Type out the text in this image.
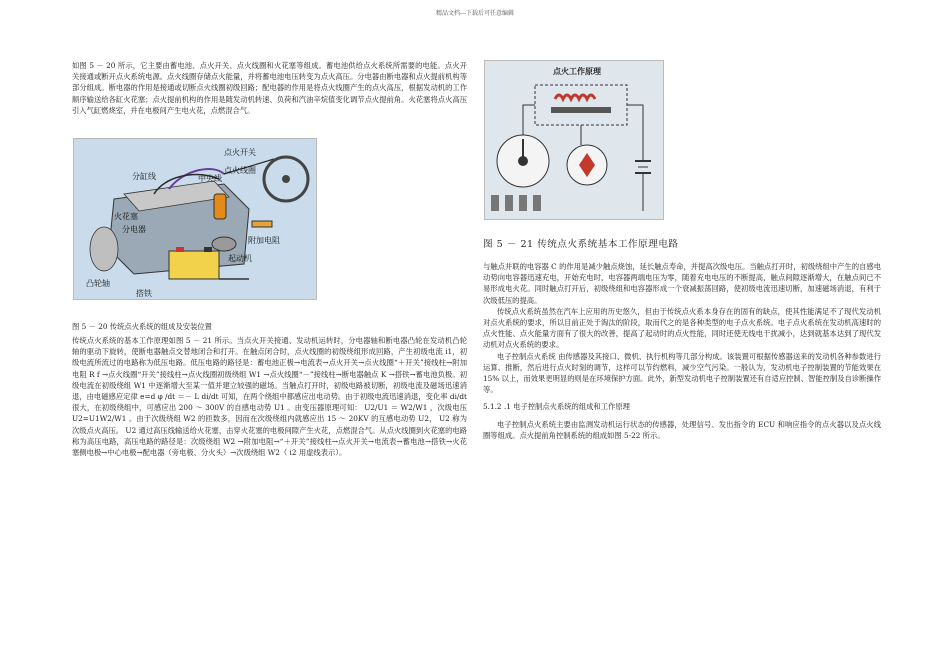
精品文档---下载后可任意编辑

如图 5 － 20 所示，它主要由蓄电池、点火开关、点火线圈和火花塞等组成。蓄电池供给点火系统所需要的电能。点火开关接通或断开点火系统电源。点火线圈存储点火能量，并将蓄电池电压转变为点火高压。分电器由断电器和点火提前机构等部分组成。断电器的作用是接通或切断点火线圈初级回路；配电器的作用是将点火线圈产生的点火高压，根据发动机的工作顺序输送给各缸火花塞；点火提前机构的作用是随发动机转速、负荷和汽油辛烷值变化调节点火提前角。火花塞将点火高压引入气缸燃烧室，并在电极间产生电火花，点燃混合气。

点火开关
中央线
点火线圈
分缸线
火花塞
分电器
附加电阻
起动机
凸轮轴
搭铁
图 5 － 20 传统点火系统的组成及安装位置

传统点火系统的基本工作原理如图 5 － 21 所示。当点火开关接通、发动机运转时，分电器轴和断电器凸轮在发动机凸轮轴的驱动下旋转，使断电器触点交替地闭合和打开。在触点闭合时，点火线圈的初级绕组形成回路，产生初级电流 i1，初级电流所流过的电路称为低压电路。低压电路的路径是：蓄电池正极→电流表→点火开关→点火线圈“＋开关”接线柱→附加电阻 R f →点火线圈“开关”接线柱→点火线圈初级绕组 W1 →点火线圈“－”接线柱→断电器触点 K →搭铁→蓄电池负极。初级电流在初级绕组 W1 中逐渐增大至某一值并建立较强的磁场。当触点打开时，初级电路被切断，初级电流及磁场迅速消退，由电磁感应定律 e=d φ /dt ＝－ L di/dt 可知，在两个绕组中都感应出电动势。由于初级电流迅速消退，变化率 di/dt 很大，在初级绕组中，可感应出 200 ～ 300V 的自感电动势 U1 。由变压器原理可知： U2/U1 ＝ W2/W1 ，次级电压 U2=U1W2/W1 。由于次级绕组 W2 的匝数多，因而在次级绕组内就感应出 15 ～ 20KV 的互感电动势 U2， U2 称为次级点火高压。 U2 通过高压线输送给火花塞，击穿火花塞的电极间隙产生火花，点燃混合气。从点火线圈到火花塞的电路称为高压电路，高压电路的路径是：次级绕组 W2 →附加电阻→“＋开关”接线柱→点火开关→电流表→蓄电池→搭铁→火花塞侧电极→中心电极→配电器（旁电极、分火头）→次级绕组 W2（ i2 用虚线表示）。

点火工作原理
图 5 － 21 传统点火系统基本工作原理电路

与触点并联的电容器 C 的作用是减少触点烧蚀，延长触点寿命，并提高次级电压。当触点打开时，初级绕组中产生的自感电动势向电容器迅速充电，开始充电时，电容器两端电压为零，随着充电电压的不断提高，触点间隙逐渐增大，在触点间已不易形成电火花。同时触点打开后，初级绕组和电容器形成一个衰减振荡回路，使初级电流迅速切断，加速磁场消退，有利于次级低压的提高。

传统点火系统虽然在汽车上应用的历史悠久，但由于传统点火系本身存在的固有的缺点，使其性能满足不了现代发动机对点火系统的要求，所以目前正处于淘汰的阶段，取而代之的是各种类型的电子点火系统。电子点火系统在发动机高速时的点火性能、点火能量方面有了很大的改善，提高了起动时的点火性能，同时还使无线电干扰减小，达到就基本达到了现代发动机对点火系统的要求。

电子控制点火系统 由传感器及其接口、微机、执行机构等几部分构成。该装置可根据传感器送来的发动机各种参数进行运算、推断，然后进行点火时刻的调节，这样可以节约燃料，减少空气污染。一般认为，发动机电子控制装置的节能效果在 15% 以上，而效果更明显的则是在环境保护方面。此外，新型发动机电子控制装置还有自适应控制、智能控制及自诊断操作等。

5.1.2 .1 电子控制点火系统的组成和工作原理

电子控制点火系统主要由监测发动机运行状态的传感器，处理信号、发出指令的 ECU 和响应指令的点火器以及点火线圈等组成。点火提前角控制系统的组成如图 5-22 所示。
